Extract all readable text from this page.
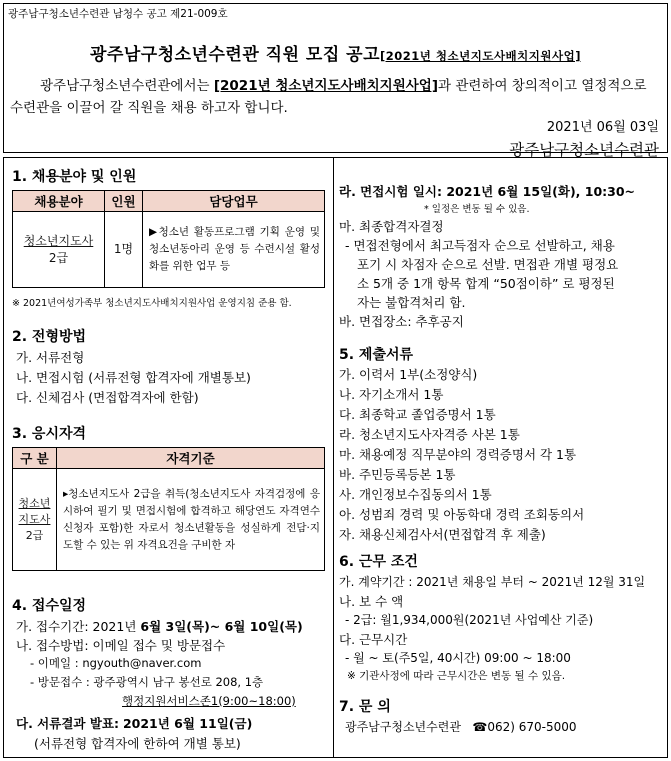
광주남구청소년수련관 남청수 공고 제21-009호
광주남구청소년수련관 직원 모집 공고[2021년 청소년지도사배치지원사업]
광주남구청소년수련관에서는 [2021년 청소년지도사배치지원사업]과 관련하여 창의적이고 열정적으로 수련관을 이끌어 갈 직원을 채용 하고자 합니다.
2021년 06월 03일
광주남구청소년수련관
1. 채용분야 및 인원
채용분야	인원	담당업무
청소년지도사
2급	1명	▶청소년 활동프로그램 기획 운영 및 청소년동아리 운영 등 수련시설 활성화를 위한 업무 등
※ 2021년여성가족부 청소년지도사배치지원사업 운영지침 준용 함.
2. 전형방법
가. 서류전형
나. 면접시험 (서류전형 합격자에 개별통보)
다. 신체검사 (면접합격자에 한함)
3. 응시자격
구 분	자격기준
청소년
지도사
2급	▸청소년지도사 2급을 취득(청소년지도사 자격검정에 응시하여 필기 및 면접시험에 합격하고 해당연도 자격연수 신청자 포함)한 자로서 청소년활동을 성실하게 전담·지도할 수 있는 위 자격요건을 구비한 자
4. 접수일정
가. 접수기간: 2021년 6월 3일(목)~ 6월 10일(목)
나. 접수방법: 이메일 접수 및 방문접수
- 이메일 : ngyouth@naver.com
- 방문접수 : 광주광역시 남구 봉선로 208, 1층
행정지원서비스존1(9:00~18:00)
다. 서류결과 발표: 2021년 6월 11일(금)
(서류전형 합격자에 한하여 개별 통보)
라. 면접시험 일시: 2021년 6월 15일(화), 10:30~
* 일정은 변동 될 수 있음.
마. 최종합격자결정
- 면접전형에서 최고득점자 순으로 선발하고, 채용
포기 시 차점자 순으로 선발. 면접관 개별 평정요
소 5개 중 1개 항목 합계 “50점이하” 로 평정된
자는 불합격처리 함.
바. 면접장소: 추후공지
5. 제출서류
가. 이력서 1부(소정양식)
나. 자기소개서 1통
다. 최종학교 졸업증명서 1통
라. 청소년지도사자격증 사본 1통
마. 채용예정 직무분야의 경력증명서 각 1통
바. 주민등록등본 1통
사. 개인정보수집동의서 1통
아. 성범죄 경력 및 아동학대 경력 조회동의서
자. 채용신체검사서(면접합격 후 제출)
6. 근무 조건
가. 계약기간 : 2021년 채용일 부터 ~ 2021년 12월 31일
나. 보 수 액
- 2급: 월1,934,000원(2021년 사업예산 기준)
다. 근무시간
- 월 ~ 토(주5일, 40시간) 09:00 ~ 18:00
※ 기관사정에 따라 근무시간은 변동 될 수 있음.
7. 문 의
광주남구청소년수련관 ☎062) 670-5000
